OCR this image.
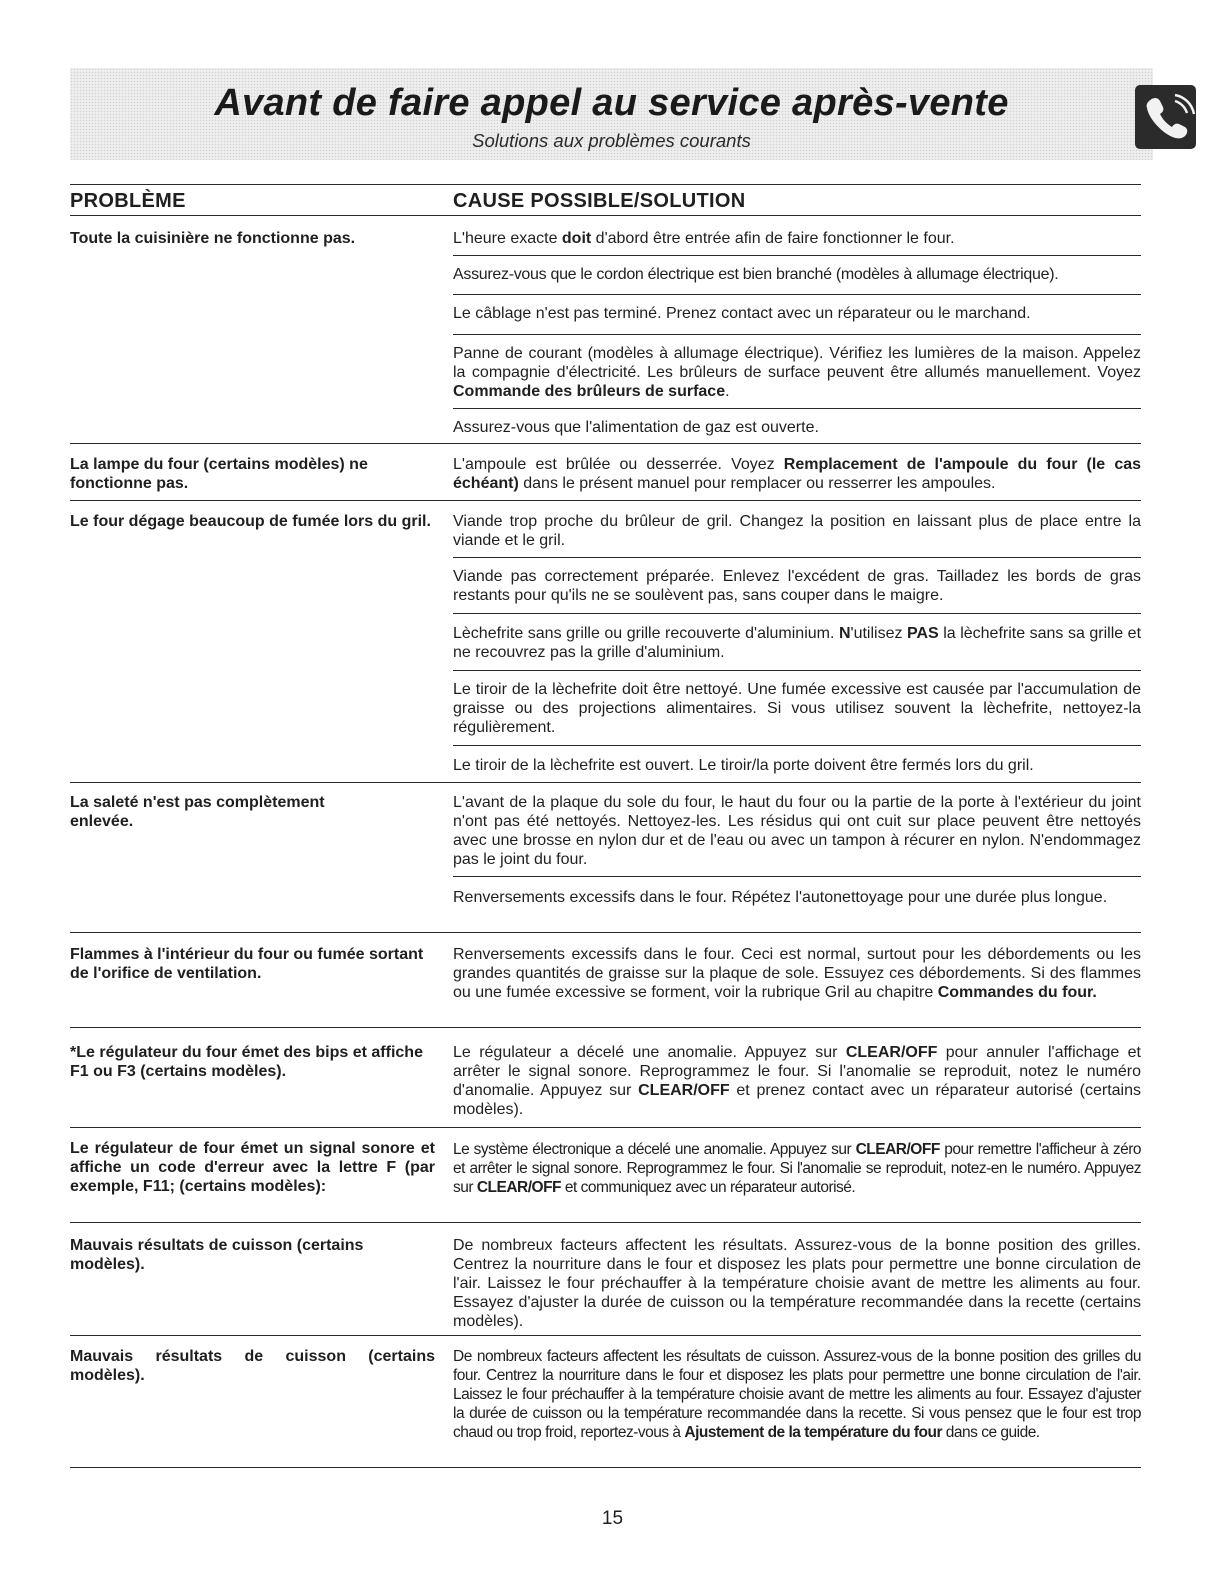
Avant de faire appel au service après-vente
Solutions aux problèmes courants
PROBLÈME	CAUSE POSSIBLE/SOLUTION
Toute la cuisinière ne fonctionne pas.	L'heure exacte doit d'abord être entrée afin de faire fonctionner le four.
Assurez-vous que le cordon électrique est bien branché (modèles à allumage électrique).
Le câblage n'est pas terminé. Prenez contact avec un réparateur ou le marchand.
Panne de courant (modèles à allumage électrique). Vérifiez les lumières de la maison. Appelez la compagnie d'électricité. Les brûleurs de surface peuvent être allumés manuellement. Voyez Commande des brûleurs de surface.
Assurez-vous que l'alimentation de gaz est ouverte.
La lampe du four (certains modèles) ne fonctionne pas.
L'ampoule est brûlée ou desserrée. Voyez Remplacement de l'ampoule du four (le cas échéant) dans le présent manuel pour remplacer ou resserrer les ampoules.
Le four dégage beaucoup de fumée lors du gril. Viande trop proche du brûleur de gril. Changez la position en laissant plus de place entre la viande et le gril.
Viande pas correctement préparée. Enlevez l'excédent de gras. Tailladez les bords de gras restants pour qu'ils ne se soulèvent pas, sans couper dans le maigre.
Lèchefrite sans grille ou grille recouverte d'aluminium. N'utilisez PAS la lèchefrite sans sa grille et ne recouvrez pas la grille d'aluminium.
Le tiroir de la lèchefrite doit être nettoyé. Une fumée excessive est causée par l'accumulation de graisse ou des projections alimentaires. Si vous utilisez souvent la lèchefrite, nettoyez-la régulièrement.
Le tiroir de la lèchefrite est ouvert. Le tiroir/la porte doivent être fermés lors du gril.
La saleté n'est pas complètement enlevée.
L'avant de la plaque du sole du four, le haut du four ou la partie de la porte à l'extérieur du joint n'ont pas été nettoyés. Nettoyez-les. Les résidus qui ont cuit sur place peuvent être nettoyés avec une brosse en nylon dur et de l'eau ou avec un tampon à récurer en nylon. N'endommagez pas le joint du four.
Renversements excessifs dans le four. Répétez l'autonettoyage pour une durée plus longue.
Flammes à l'intérieur du four ou fumée sortant de l'orifice de ventilation.
Renversements excessifs dans le four. Ceci est normal, surtout pour les débordements ou les grandes quantités de graisse sur la plaque de sole. Essuyez ces débordements. Si des flammes ou une fumée excessive se forment, voir la rubrique Gril au chapitre Commandes du four.
*Le régulateur du four émet des bips et affiche F1 ou F3 (certains modèles).
Le régulateur a décelé une anomalie. Appuyez sur CLEAR/OFF pour annuler l'affichage et arrêter le signal sonore. Reprogrammez le four. Si l'anomalie se reproduit, notez le numéro d'anomalie. Appuyez sur CLEAR/OFF et prenez contact avec un réparateur autorisé (certains modèles).
Le régulateur de four émet un signal sonore et affiche un code d'erreur avec la lettre F (par exemple, F11; (certains modèles):
Le système électronique a décelé une anomalie. Appuyez sur CLEAR/OFF pour remettre l'afficheur à zéro et arrêter le signal sonore. Reprogrammez le four. Si l'anomalie se reproduit, notez-en le numéro. Appuyez sur CLEAR/OFF et communiquez avec un réparateur autorisé.
Mauvais résultats de cuisson (certains modèles).
De nombreux facteurs affectent les résultats. Assurez-vous de la bonne position des grilles. Centrez la nourriture dans le four et disposez les plats pour permettre une bonne circulation de l'air. Laissez le four préchauffer à la température choisie avant de mettre les aliments au four. Essayez d'ajuster la durée de cuisson ou la température recommandée dans la recette (certains modèles).
Mauvais résultats de cuisson (certains modèles).
De nombreux facteurs affectent les résultats de cuisson. Assurez-vous de la bonne position des grilles du four. Centrez la nourriture dans le four et disposez les plats pour permettre une bonne circulation de l'air. Laissez le four préchauffer à la température choisie avant de mettre les aliments au four. Essayez d'ajuster la durée de cuisson ou la température recommandée dans la recette. Si vous pensez que le four est trop chaud ou trop froid, reportez-vous à Ajustement de la température du four dans ce guide.
15
